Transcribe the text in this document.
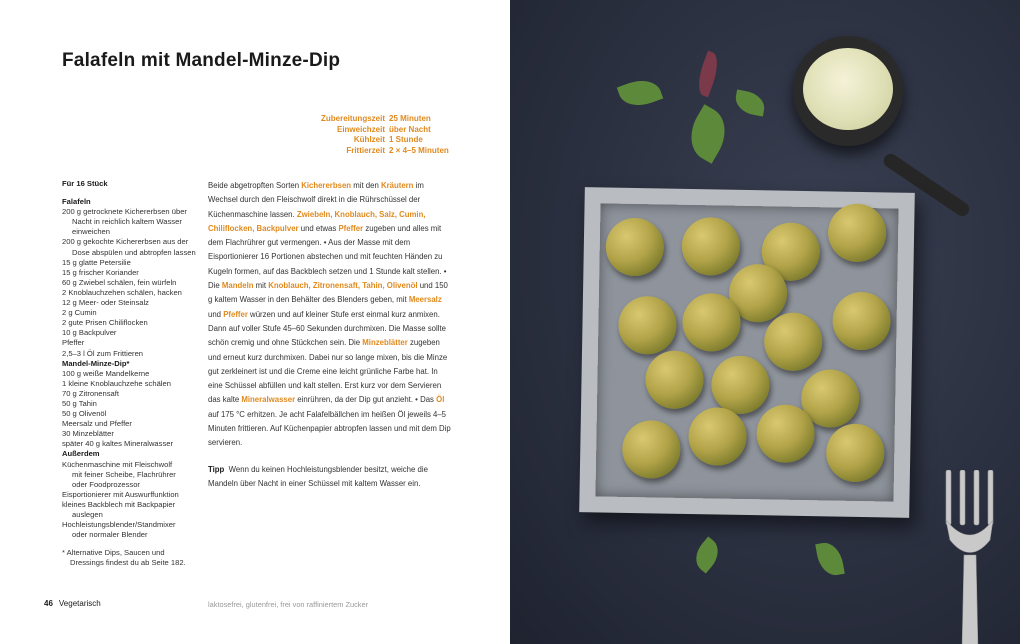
Falafeln mit Mandel-Minze-Dip
Zubereitungszeit 25 Minuten
Einweichzeit über Nacht
Kühlzeit 1 Stunde
Frittierzeit 2 × 4–5 Minuten
Für 16 Stück
Falafeln
200 g getrocknete Kichererbsen über
Nacht in reichlich kaltem Wasser
einweichen
200 g gekochte Kichererbsen aus der
Dose abspülen und abtropfen lassen
15 g glatte Petersilie
15 g frischer Koriander
60 g Zwiebel schälen, fein würfeln
2 Knoblauchzehen schälen, hacken
12 g Meer- oder Steinsalz
2 g Cumin
2 gute Prisen Chiliflocken
10 g Backpulver
Pfeffer
2,5–3 l Öl zum Frittieren
Mandel-Minze-Dip*
100 g weiße Mandelkerne
1 kleine Knoblauchzehe schälen
70 g Zitronensaft
50 g Tahin
50 g Olivenöl
Meersalz und Pfeffer
30 Minzeblätter
später 40 g kaltes Mineralwasser
Außerdem
Küchenmaschine mit Fleischwolf
mit feiner Scheibe, Flachrührer
oder Foodprozessor
Eisportionierer mit Auswurffunktion
kleines Backblech mit Backpapier
auslegen
Hochleistungsblender/Standmixer
oder normaler Blender
* Alternative Dips, Saucen und Dressings findest du ab Seite 182.
Beide abgetropften Sorten Kichererbsen mit den Kräutern im Wechsel durch den Fleischwolf direkt in die Rührschüssel der Küchenmaschine lassen. Zwiebeln, Knoblauch, Salz, Cumin, Chiliflocken, Backpulver und etwas Pfeffer zugeben und alles mit dem Flachrührer gut vermengen. • Aus der Masse mit dem Eisportionierer 16 Portionen abstechen und mit feuchten Händen zu Kugeln formen, auf das Backblech setzen und 1 Stunde kalt stellen. • Die Mandeln mit Knoblauch, Zitronensaft, Tahin, Olivenöl und 150 g kaltem Wasser in den Behälter des Blenders geben, mit Meersalz und Pfeffer würzen und auf kleiner Stufe erst einmal kurz anmixen. Dann auf voller Stufe 45–60 Sekunden durchmixen. Die Masse sollte schön cremig und ohne Stückchen sein. Die Minzeblätter zugeben und erneut kurz durchmixen. Dabei nur so lange mixen, bis die Minze gut zerkleinert ist und die Creme eine leicht grünliche Farbe hat. In eine Schüssel abfüllen und kalt stellen. Erst kurz vor dem Servieren das kalte Mineralwasser einrühren, da der Dip gut anzieht. • Das Öl auf 175 °C erhitzen. Je acht Falafelbällchen im heißen Öl jeweils 4–5 Minuten frittieren. Auf Küchenpapier abtropfen lassen und mit dem Dip servieren.
Tipp Wenn du keinen Hochleistungsblender besitzt, weiche die Mandeln über Nacht in einer Schüssel mit kaltem Wasser ein.
46 Vegetarisch	laktosefrei, glutenfrei, frei von raffiniertem Zucker
